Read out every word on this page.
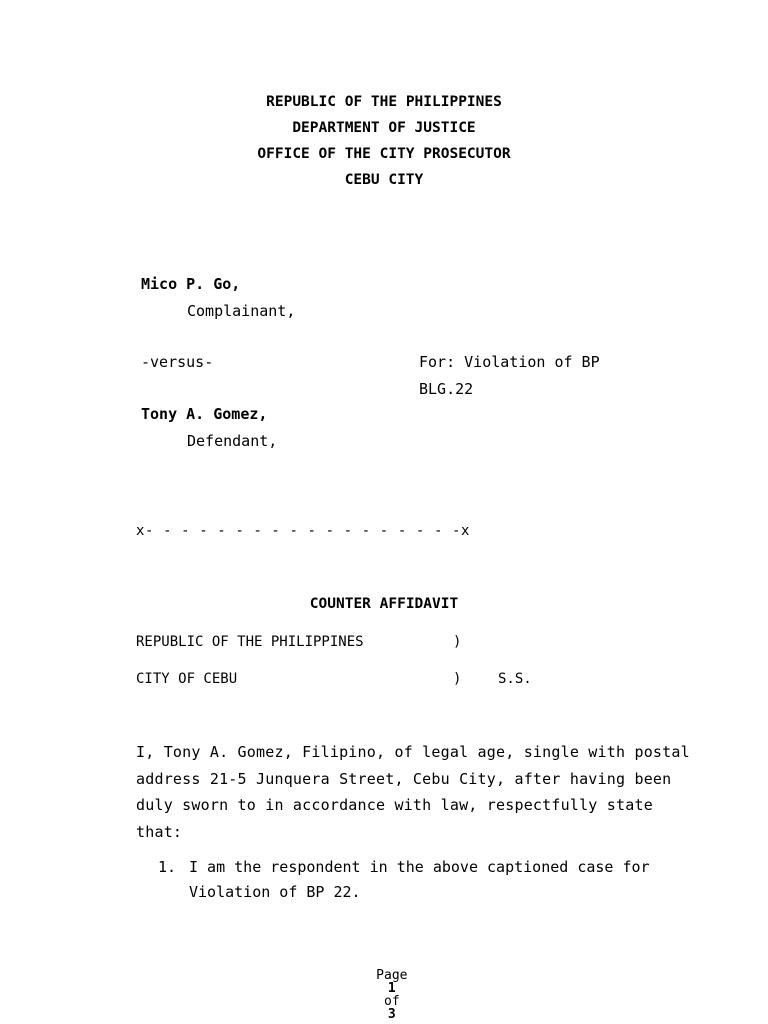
REPUBLIC OF THE PHILIPPINES
DEPARTMENT OF JUSTICE
OFFICE OF THE CITY PROSECUTOR
CEBU CITY
Mico P. Go,
Complainant,
-versus-	For: Violation of BP
BLG.22
Tony A. Gomez,
Defendant,
x- - - - - - - - - - - - - - - - - -x
COUNTER AFFIDAVIT
REPUBLIC OF THE PHILIPPINES	)
CITY OF CEBU	)	S.S.
I, Tony A. Gomez, Filipino, of legal age, single with postal address 21-5 Junquera Street, Cebu City, after having been duly sworn to in accordance with law, respectfully state that:
1. I am the respondent in the above captioned case for Violation of BP 22.

Page
1
of
3
